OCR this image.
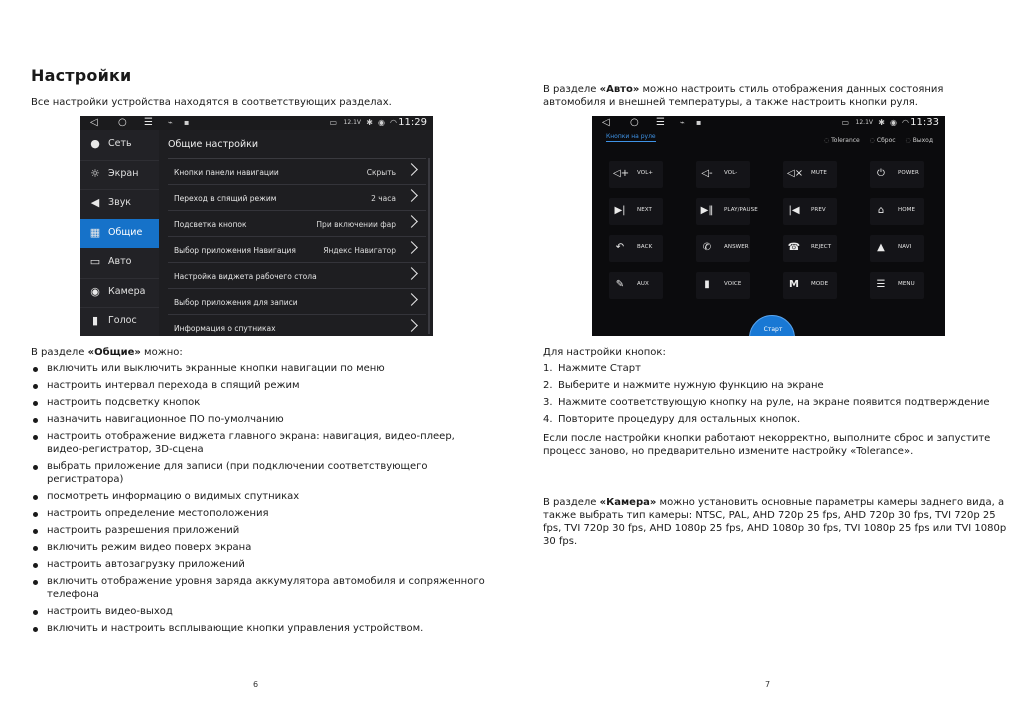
Настройки
Все настройки устройства находятся в соответствующих разделах.
◁ ○ ☰ ⌁ ▪	▭ 12.1V ✱ ◉ ◠ 11:29
● Сеть
☼ Экран
◀ Звук
▦ Общие
▭ Авто
◉ Камера
▮	Голос
Общие настройки
Кнопки панели навигации	Скрыть
Переход в спящий режим	2 часа
Подсветка кнопок	При включении фар
Выбор приложения Навигация	Яндекс Навигатор
Настройка виджета рабочего стола
Выбор приложения для записи
Информация о спутниках
В разделе «Общие» можно:
включить или выключить экранные кнопки навигации по меню
настроить интервал перехода в спящий режим
настроить подсветку кнопок
назначить навигационное ПО по-умолчанию
настроить отображение виджета главного экрана: навигация, видео-плеер, видео-регистратор, 3D-сцена
выбрать приложение для записи (при подключении соответствующего регистратора)
посмотреть информацию о видимых спутниках
настроить определение местоположения
настроить разрешения приложений
включить режим видео поверх экрана
настроить автозагрузку приложений
включить отображение уровня заряда аккумулятора автомобиля и сопряженного телефона
настроить видео-выход
включить и настроить всплывающие кнопки управления устройством.
6
В разделе «Авто» можно настроить стиль отображения данных состояния автомобиля и внешней температуры, а также настроить кнопки руля.
◁ ○ ☰ ⌁ ▪	▭ 12.1V ✱ ◉ ◠ 11:33
Кнопки на руле
◌ Tolerance ◌ Сброс ◌ Выход
◁+ VOL+	◁- VOL-	◁× MUTE	⏻	POWER
▶| NEXT	▶‖ PLAY/PAUSE	|◀ PREV	⌂	HOME
↶	BACK	✆	ANSWER	☎ REJECT	▲	NAVI
✎	AUX	▮	VOICE	M	MODE	☰	MENU
Старт
Для настройки кнопок:
1. Нажмите Старт
2. Выберите и нажмите нужную функцию на экране
3. Нажмите соответствующую кнопку на руле, на экране появится подтверждение
4. Повторите процедуру для остальных кнопок.
Если после настройки кнопки работают некорректно, выполните сброс и запустите процесс заново, но предварительно измените настройку «Tolerance».
В разделе «Камера» можно установить основные параметры камеры заднего вида, а также выбрать тип камеры: NTSC, PAL, AHD 720p 25 fps, AHD 720p 30 fps, TVI 720p 25 fps, TVI 720p 30 fps, AHD 1080p 25 fps, AHD 1080p 30 fps, TVI 1080p 25 fps или TVI 1080p 30 fps.
7
